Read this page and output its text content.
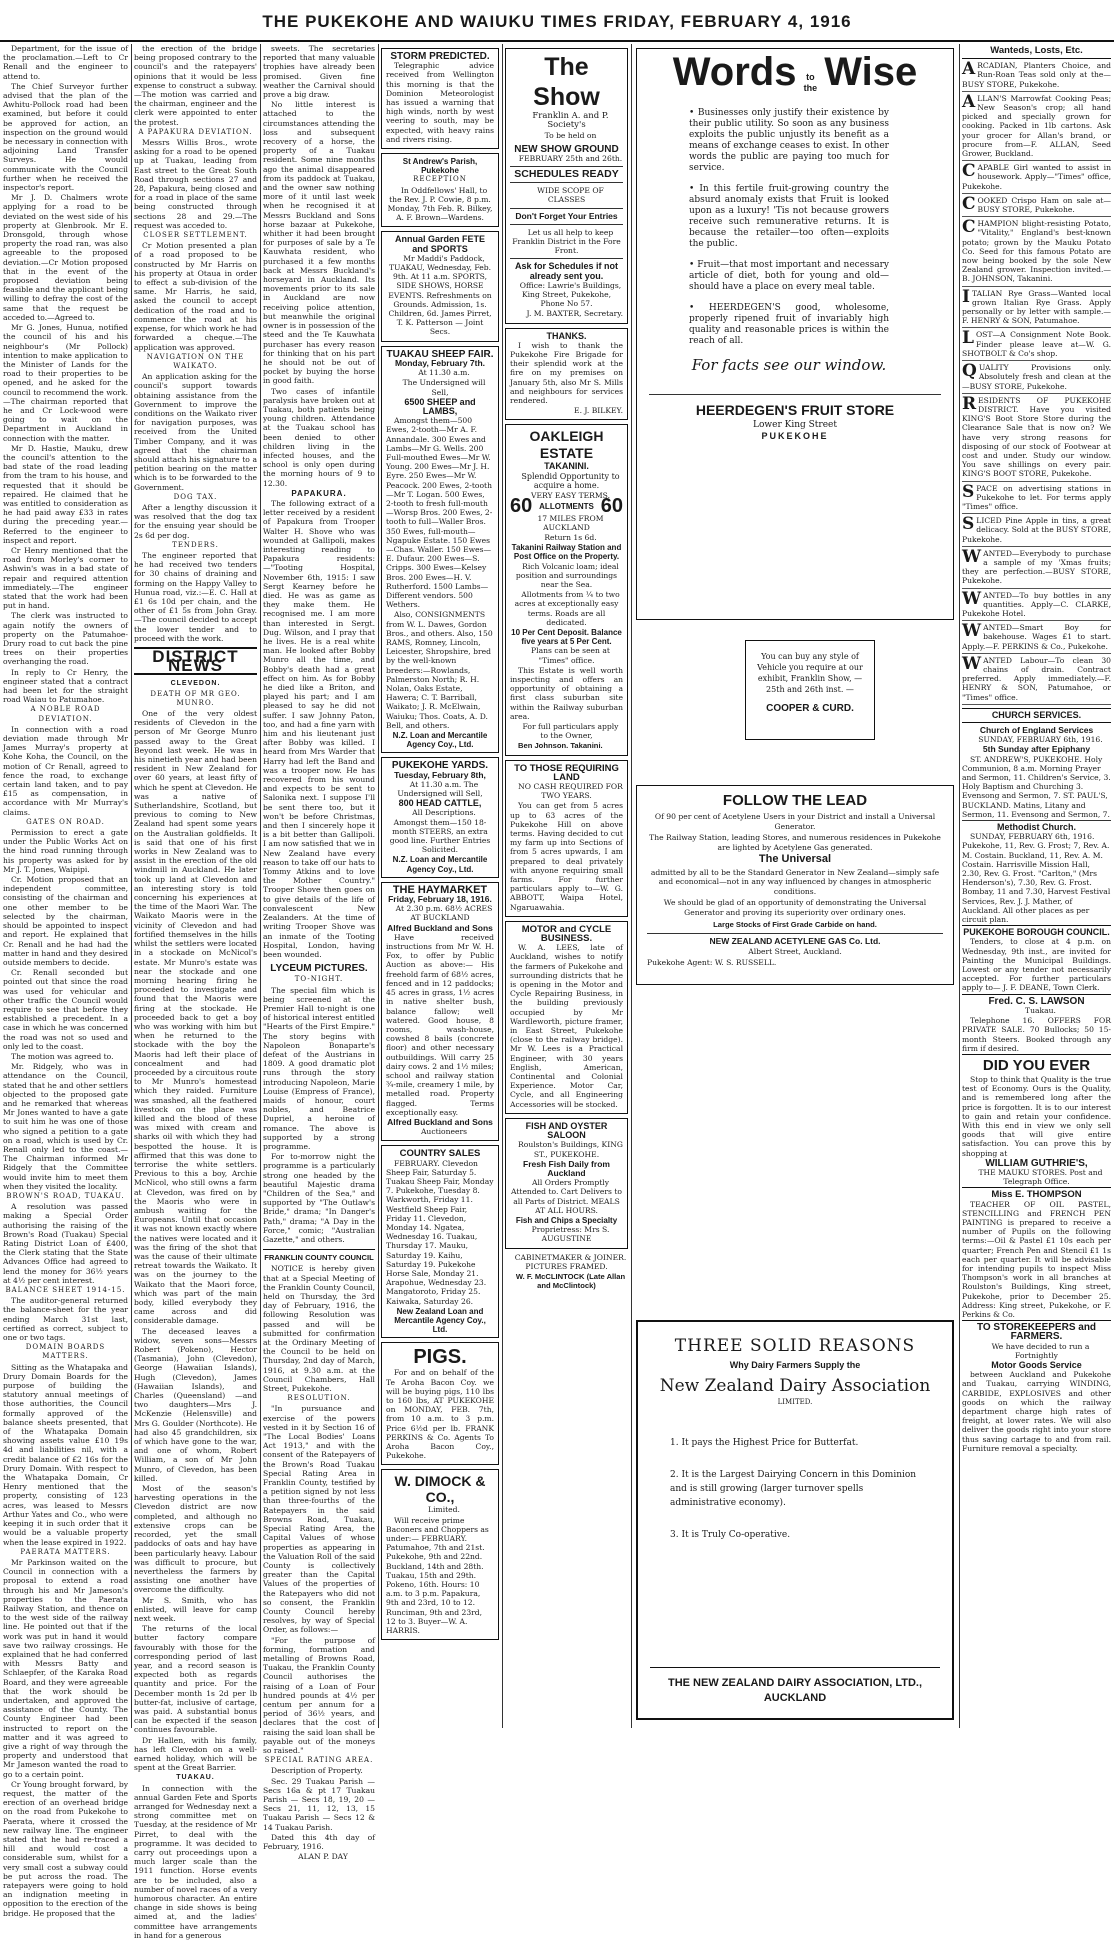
THE PUKEKOHE AND WAIUKU TIMES FRIDAY, FEBRUARY 4, 1916

Department, for the issue of the proclamation.—Left to Cr Renall and the engineer to attend to.

The Chief Surveyor further advised that the plan of the Awhitu-Pollock road had been examined, but before it could be approved for action, an inspection on the ground would be necessary in connection with adjoining Land Transfer Surveys. He would communicate with the Council further when he received the inspector's report.

Mr J. D. Chalmers wrote applying for a road to be deviated on the west side of his property at Glenbrook. Mr E. Dronsgold, through whose property the road ran, was also agreeable to the proposed deviation.—Cr Motion proposed that in the event of the proposed deviation being feasible and the applicant being willing to defray the cost of the same that the request be acceded to.—Agreed to.

Mr G. Jones, Hunua, notified the council of his and his neighbour's (Mr Pollock) intention to make application to the Minister of Lands for the road to their properties to be opened, and he asked for the council to recommend the work.—The chairman reported that he and Cr Lock-wood were going to wait on the Department in Auckland in connection with the matter.

Mr D. Hastie, Mauku, drew the council's attention to the bad state of the road leading from the tram to his house, and requested that it should be repaired. He claimed that he was entitled to consideration as he had paid away £33 in rates during the preceding year.—Referred to the engineer to inspect and report.

Cr Henry mentioned that the road from Morley's corner to Ashwin's was in a bad state of repair and required attention immediately.—The engineer stated that the work had been put in hand.

The clerk was instructed to again notify the owners of property on the Patumahoe-Drury road to cut back the pine trees on their properties overhanging the road.

In reply to Cr Henry, the engineer stated that a contract had been let for the straight road Waiau to Patumahoe.

A NOBLE ROAD DEVIATION.

In connection with a road deviation made through Mr James Murray's property at Kohe Koha, the Council, on the motion of Cr Renall, agreed to fence the road, to exchange certain land taken, and to pay £15 as compensation, in accordance with Mr Murray's claims.

GATES ON ROAD.

Permission to erect a gate under the Public Works Act on the hind road running through his property was asked for by Mr J. T. Jones, Waipipi.

Cr. Motion proposed that an independent committee, consisting of the chairman and one other member to be selected by the chairman, should be appointed to inspect and report. He explained that Cr. Renall and he had had the matter in hand and they desired outside members to decide.

Cr. Renall seconded but pointed out that since the road was used for vehicular and other traffic the Council would require to see that before they established a precedent. In a case in which he was concerned the road was not so used and only led to the coast.

The motion was agreed to.

Mr. Ridgely, who was in attendance on the Council, stated that he and other settlers objected to the proposed gate and he remarked that whereas Mr Jones wanted to have a gate to suit him he was one of those who signed a petition to a gate on a road, which is used by Cr. Renall only led to the coast.—The Chairman informed Mr Ridgely that the Committee would invite him to meet them when they visited the locality.

BROWN'S ROAD, TUAKAU.

A resolution was passed making a Special Order authorising the raising of the Brown's Road (Tuakau) Special Rating District Loan of £400, the Clerk stating that the State Advances Office had agreed to lend the money for 36½ years at 4½ per cent interest.

BALANCE SHEET 1914-15.

The auditor-general returned the balance-sheet for the year ending March 31st last, certified as correct, subject to one or two tags.

DOMAIN BOARDS MATTERS.

Sitting as the Whatapaka and Drury Domain Boards for the purpose of building the statutory annual meetings of those authorities, the Council formally approved of the balance sheets presented, that of the Whatapaka Domain showing assets value £10 19s 4d and liabilities nil, with a credit balance of £2 16s for the Drury Domain. With respect to the Whatapaka Domain, Cr Henry mentioned that the property, consisting of 123 acres, was leased to Messrs Arthur Yates and Co., who were keeping it in such order that it would be a valuable property when the lease expired in 1922.

PAERATA MATTERS.

Mr Parkinson waited on the Council in connection with a proposal to extend a road through his and Mr Jameson's properties to the Paerata Railway Station, and thence on to the west side of the railway line. He pointed out that if the work was put in hand it would save two railway crossings. He explained that he had conferred with Messrs Batty and Schlaepfer, of the Karaka Road Board, and they were agreeable that the work should be undertaken, and approved the assistance of the County. The County Engineer had been instructed to report on the matter and it was agreed to give a right of way through the property and understood that Mr Jameson wanted the road to go to a certain point.

Cr Young brought forward, by request, the matter of the erection of an overhead bridge on the road from Pukekohe to Paerata, where it crossed the new railway line. The engineer stated that he had re-traced a hill and would cost a considerable sum, whilst for a very small cost a subway could be put across the road. The ratepayers were going to hold an indignation meeting in opposition to the erection of the bridge. He proposed that the

the erection of the bridge being proposed contrary to the council's and the ratepayers' opinions that it would be less expense to construct a subway.—The motion was carried and the chairman, engineer and the clerk were appointed to enter the protest.

A PAPAKURA DEVIATION.

Messrs Willis Bros., wrote asking for a road to be opened up at Tuakau, leading from East street to the Great South Road through sections 27 and 28, Papakura, being closed and for a road in place of the same being constructed through sections 28 and 29.—The request was acceded to.

CLOSER SETTLEMENT.

Cr Motion presented a plan of a road proposed to be constructed by Mr Harris on his property at Otaua in order to effect a sub-division of the same. Mr Harris, he said, asked the council to accept dedication of the road and to commence the road at his expense, for which work he had forwarded a cheque.—The application was approved.

NAVIGATION ON THE WAIKATO.

An application asking for the council's support towards obtaining assistance from the Government to improve the conditions on the Waikato river for navigation purposes, was received from the United Timber Company, and it was agreed that the chairman should attach his signature to a petition bearing on the matter which is to be forwarded to the Government.

DOG TAX.

After a lengthy discussion it was resolved that the dog tax for the ensuing year should be 2s 6d per dog.

TENDERS.

The engineer reported that he had received two tenders for 30 chains of draining and forming on the Happy Valley to Hunua road, viz.:—E. C. Hall at £1 6s 10d per chain, and the other of £1 5s from John Gray.—The council decided to accept the lower tender and to proceed with the work.

DISTRICT NEWS

CLEVEDON.

DEATH OF MR GEO. MUNRO.

One of the very oldest residents of Clevedon in the person of Mr George Munro passed away to the Great Beyond last week. He was in his ninetieth year and had been resident in New Zealand for over 60 years, at least fifty of which he spent at Clevedon. He was a native of Sutherlandshire, Scotland, but previous to coming to New Zealand had spent some years on the Australian goldfields. It is said that one of his first works in New Zealand was to assist in the erection of the old windmill in Auckland. He later took up land at Clevedon and an interesting story is told concerning his experiences at the time of the Maori War. The Waikato Maoris were in the vicinity of Clevedon and had fortified themselves in the hills whilst the settlers were located in a stockade on McNicol's estate. Mr Munro's estate was near the stockade and one morning hearing firing he proceeded to investigate and found that the Maoris were firing at the stockade. He proceeded back to get a boy who was working with him but when he returned to the stockade with the boy the Maoris had left their place of concealment and had proceeded by a circuitous route to Mr Munro's homestead which they raided. Furniture was smashed, all the feathered livestock on the place was killed and the blood of these was mixed with cream and sharks oil with which they had bespotted the house. It is affirmed that this was done to terrorise the white settlers. Previous to this a boy, Archie McNicol, who still owns a farm at Clevedon, was fired on by the Maoris who were in ambush waiting for the Europeans. Until that occasion it was not known exactly where the natives were located and it was the firing of the shot that was the cause of their ultimate retreat towards the Waikato. It was on the journey to the Waikato that the Maori force, which was part of the main body, killed everybody they came across and did considerable damage.

The deceased leaves a widow, seven sons—Messrs Robert (Pokeno), Hector (Tasmania), John (Clevedon), George (Hawaiian Islands), Hugh (Clevedon), James (Hawaiian Islands), and Charles (Queensland) —and two daughters—Mrs J. McKenzie (Helensville) and Mrs G. Goulder (Northcote). He had also 45 grandchildren, six of which have gone to the war, and one of whom, Robert William, a son of Mr John Munro, of Clevedon, has been killed.

Most of the season's harvesting operations in the Clevedon district are now completed, and although no extensive crops can be recorded, yet the small paddocks of oats and hay have been particularly heavy. Labour was difficult to procure, but nevertheless the farmers by assisting one another have overcome the difficulty.

Mr S. Smith, who has enlisted, will leave for camp next week.

The returns of the local butter factory compare favourably with those for the corresponding period of last year, and a record season is expected both as regards quantity and price. For the December month 1s 2d per lb butter-fat, inclusive of cartage, was paid. A substantial bonus can be expected if the season continues favourable.

Dr Hallen, with his family, has left Clevedon on a well-earned holiday, which will be spent at the Great Barrier.

TUAKAU.

In connection with the annual Garden Fete and Sports arranged for Wednesday next a strong committee met on Tuesday, at the residence of Mr Pirret, to deal with the programme. It was decided to carry out proceedings upon a much larger scale than the 1911 function. Horse events are to be included, also a number of novel races of a very humorous character. An entire change in side shows is being aimed at, and the ladies' committee have arrangements in hand for a generous

sweets. The secretaries reported that many valuable trophies have already been promised. Given fine weather the Carnival should prove a big draw.

No little interest is attached to the circumstances attending the loss and subsequent recovery of a horse, the property of a Tuakau resident. Some nine months ago the animal disappeared from its paddock at Tuakau, and the owner saw nothing more of it until last week when he recognised it at Messrs Buckland and Sons horse bazaar at Pukekohe, whither it had been brought for purposes of sale by a Te Kauwhata resident, who purchased it a few months back at Messrs Buckland's horseyard in Auckland. Its movements prior to its sale in Auckland are now receiving police attention, but meanwhile the original owner is in possession of the steed and the Te Kauwhata purchaser has every reason for thinking that on his part he should not be out of pocket by buying the horse in good faith.

Two cases of infantile paralysis have broken out at Tuakau, both patients being young children. Attendance at the Tuakau school has been denied to other children living in the infected houses, and the school is only open during the morning hours of 9 to 12.30.

PAPAKURA.

The following extract of a letter received by a resident of Papakura from Trooper Walter H. Shove who was wounded at Gallipoli, makes interesting reading to Papakura residents:—"Tooting Hospital, November 6th, 1915: I saw Sergt Kearney before he died. He was as game as they make them. He recognised me. I am more than interested in Sergt. Dug. Wilson, and I pray that he lives. He is a real white man. He looked after Bobby Munro all the time, and Bobby's death had a great effect on him. As for Bobby he died like a Briton, and played his part; and I am pleased to say he did not suffer. I saw Johnny Paton, too, and had a fine yarn with him and his lieutenant just after Bobby was killed. I heard from Mrs Warder that Harry had left the Band and was a trooper now. He has recovered from his wound and expects to be sent to Salonika next. I suppose I'll be sent there too, but it won't be before Christmas, and then I sincerely hope it is a bit better than Gallipoli. I am now satisfied that we in New Zealand have every reason to take off our hats to Tommy Atkins and to love the Mother Country." Trooper Shove then goes on to give details of the life of convalescent New Zealanders. At the time of writing Trooper Shove was an inmate of the Tooting Hospital, London, having been wounded.

LYCEUM PICTURES.

TO-NIGHT.

The special film which is being screened at the Premier Hall to-night is one of historical interest entitled "Hearts of the First Empire." The story begins with Napoleon Bonaparte's defeat of the Austrians in 1809. A good dramatic plot runs through the story introducing Napoleon, Marie Louise (Empress of France), maids of honour, court nobles, and Beatrice Dupriel, a heroine of romance. The above is supported by a strong programme.

For to-morrow night the programme is a particularly strong one headed by the beautiful Majestic drama "Children of the Sea," and supported by "The Outlaw's Bride," drama; "In Danger's Path," drama; "A Day in the Force," comic; "Australian Gazette," and others.

FRANKLIN COUNTY COUNCIL

NOTICE is hereby given that at a Special Meeting of the Franklin County Council, held on Thursday, the 3rd day of February, 1916, the following Resolution was passed and will be submitted for confirmation at the Ordinary Meeting of the Council to be held on Thursday, 2nd day of March, 1916, at 9.30 a.m. at the Council Chambers, Hall Street, Pukekohe.

RESOLUTION.

"In pursuance and exercise of the powers vested in it by Section 16 of "The Local Bodies' Loans Act 1913," and with the consent of the Ratepayers of the Brown's Road Tuakau Special Rating Area in Franklin County, testified by a petition signed by not less than three-fourths of the Ratepayers in the said Browns Road, Tuakau, Special Rating Area, the Capital Values of whose properties as appearing in the Valuation Roll of the said County is collectively greater than the Capital Values of the properties of the Ratepayers who did not so consent, the Franklin County Council hereby resolves, by way of Special Order, as follows:—

"For the purpose of forming, formation and metalling of Browns Road, Tuakau, the Franklin County Council authorises the raising of a Loan of Four hundred pounds at 4½ per centum per annum for a period of 36½ years, and declares that the cost of raising the said loan shall be payable out of the moneys so raised."

SPECIAL RATING AREA.

Description of Property.

Sec. 29 Tuakau Parish — Secs 16a & pt 17 Tuakau Parish — Secs 18, 19, 20 — Secs 21, 11, 12, 13, 15 Tuakau Parish — Secs 12 & 14 Tuakau Parish.

Dated this 4th day of February, 1916.

ALAN P. DAY

STORM PREDICTED.

Telegraphic advice received from Wellington this morning is that the Dominion Meteorologist has issued a warning that high winds, north by west veering to south, may be expected, with heavy rains and rivers rising.

St Andrew's Parish, Pukekohe

RECEPTION

In Oddfellows' Hall, to the Rev. J. P. Cowie, 8 p.m. Monday, 7th Feb. R. Bilkey, A. F. Brown—Wardens.

Annual Garden FETE and SPORTS

Mr Maddi's Paddock, TUAKAU, Wednesday, Feb. 9th. At 11 a.m. SPORTS, SIDE SHOWS, HORSE EVENTS. Refreshments on Grounds. Admission, 1s. Children, 6d. James Pirret, T. K. Patterson — Joint Secs.

TUAKAU SHEEP FAIR.
Monday, February 7th.

At 11.30 a.m.

The Undersigned will Sell,

6500 SHEEP and LAMBS,

Amongst them—500 Ewes, 2-tooth—Mr A. F. Annandale. 300 Ewes and Lambs—Mr G. Wells. 200 Full-mouthed Ewes—Mr W. Young. 200 Ewes—Mr J. H. Eyre. 250 Ewes—Mr W. Peacock. 200 Ewes, 2-tooth—Mr T. Logan. 500 Ewes, 2-tooth to fresh full-mouth—Worsp Bros. 200 Ewes, 2-tooth to full—Waller Bros. 350 Ewes, full-mouth—Ngapuke Estate. 150 Ewes—Chas. Waller. 150 Ewes—E. Dufaur. 200 Ewes—S. Cripps. 300 Ewes—Kelsey Bros. 200 Ewes—H. V. Rutherford. 1500 Lambs—Different vendors. 500 Wethers.

Also, CONSIGNMENTS from W. L. Dawes, Gordon Bros., and others. Also, 150 RAMS, Romney, Lincoln, Leicester, Shropshire, bred by the well-known breeders:—Rowlands, Palmerston North; R. H. Nolan, Oaks Estate, Hawera; C. T. Barriball, Waikato; J. R. McElwain, Waiuku; Thos. Coats, A. D. Bell, and others.

N.Z. Loan and Mercantile Agency Coy., Ltd.
PUKEKOHE YARDS.
Tuesday, February 8th,

At 11.30 a.m. The Undersigned will Sell,

800 HEAD CATTLE,

All Descriptions. Amongst them—150 18-month STEERS, an extra good line. Further Entries Solicited.

N.Z. Loan and Mercantile Agency Coy., Ltd.
THE HAYMARKET
Friday, February 18, 1916.

At 2.30 p.m. 68½ ACRES AT BUCKLAND

Alfred Buckland and Sons

Have received instructions from Mr W. H. Fox, to offer by Public Auction as above:— His freehold farm of 68½ acres, fenced and in 12 paddocks; 45 acres in grass, 1½ acres in native shelter bush, balance fallow; well watered. Good house, 8 rooms, wash-house, cowshed 8 bails (concrete floor) and other necessary outbuildings. Will carry 25 dairy cows. 2 and 1½ miles; school and railway station ¾-mile, creamery 1 mile, by metalled road. Property flagged. Terms exceptionally easy.

Alfred Buckland and Sons

Auctioneers

COUNTRY SALES

FEBRUARY. Clevedon Sheep Fair, Saturday 5. Tuakau Sheep Fair, Monday 7. Pukekohe, Tuesday 8. Warkworth, Friday 11. Westfield Sheep Fair, Friday 11. Clevedon, Monday 14. Ngatea, Wednesday 16. Tuakau, Thursday 17. Mauku, Saturday 19. Kaihu, Saturday 19. Pukekohe Horse Sale, Monday 21. Arapohue, Wednesday 23. Mangatoroto, Friday 25. Kaiwaka, Saturday 26.

New Zealand Loan and Mercantile Agency Coy., Ltd.
PIGS.

For and on behalf of the Te Aroha Bacon Coy. we will be buying pigs, 110 lbs to 160 lbs, AT PUKEKOHE on MONDAY, FEB. 7th, from 10 a.m. to 3 p.m. Price 6½d per lb. FRANK PERKINS & Co. Agents To Aroha Bacon Coy., Pukekohe.

W. DIMOCK & CO.,

Limited.

Will receive prime Baconers and Choppers as under:— FEBRUARY. Patumahoe, 7th and 21st. Pukekohe, 9th and 22nd. Buckland, 14th and 28th. Tuakau, 15th and 29th. Pokeno, 16th. Hours: 10 a.m. to 3 p.m. Papakura, 9th and 23rd, 10 to 12. Runciman, 9th and 23rd, 12 to 3. Buyer—W. A. HARRIS.

The Show

Franklin A. and P. Society's

To be held on

NEW SHOW GROUND

FEBRUARY 25th and 26th.

SCHEDULES READY

WIDE SCOPE OF CLASSES

Don't Forget Your Entries

Let us all help to keep Franklin District in the Fore Front.

Ask for Schedules if not already sent you.

Office: Lawrie's Buildings, King Street, Pukekohe, Phone No 57.

J. M. BAXTER, Secretary.

THANKS.

I wish to thank the Pukekohe Fire Brigade for their splendid work at the fire on my premises on January 5th, also Mr S. Mills and neighbours for services rendered.

E. J. BILKEY.

OAKLEIGH ESTATE
TAKANINI.

Splendid Opportunity to acquire a home.

VERY EASY TERMS.

60 ALLOTMENTS 60

17 MILES FROM AUCKLAND

Return 1s 6d.

Takanini Railway Station and Post Office on the Property.

Rich Volcanic loam; ideal position and surroundings near the Sea.

Allotments from ¼ to two acres at exceptionally easy terms. Roads are all dedicated.

10 Per Cent Deposit. Balance five years at 5 Per Cent.

Plans can be seen at "Times" office.

This Estate is well worth inspecting and offers an opportunity of obtaining a first class suburban site within the Railway suburban area.

For full particulars apply to the Owner,

Ben Johnson. Takanini.

TO THOSE REQUIRING LAND

NO CASH REQUIRED FOR TWO YEARS.

You can get from 5 acres up to 63 acres of the Pukekohe Hill on above terms. Having decided to cut my farm up into Sections of from 5 acres upwards, I am prepared to deal privately with anyone requiring small farms. For further particulars apply to—W. G. ABBOTT, Waipa Hotel, Ngaruawahia.

MOTOR and CYCLE BUSINESS.

W. A. LEES, late of Auckland, wishes to notify the farmers of Pukekohe and surrounding districts that he is opening in the Motor and Cycle Repairing Business, in the building previously occupied by Mr Wardleworth, picture framer, in East Street, Pukekohe (close to the railway bridge). Mr W. Lees is a Practical Engineer, with 30 years English, American, Continental and Colonial Experience. Motor Car, Cycle, and all Engineering Accessories will be stocked.

FISH AND OYSTER SALOON

Roulston's Buildings, KING ST., PUKEKOHE.

Fresh Fish Daily from Auckland

All Orders Promptly Attended to. Cart Delivers to all Parts of District. MEALS AT ALL HOURS.

Fish and Chips a Specialty

Proprietress: Mrs S. AUGUSTINE

CABINETMAKER & JOINER. PICTURES FRAMED.

W. F. McCLINTOCK (Late Allan and McClintock)

Words to the Wise

• Businesses only justify their existence by their public utility. So soon as any business exploits the public unjustly its benefit as a means of exchange ceases to exist. In other words the public are paying too much for service.

• In this fertile fruit-growing country the absurd anomaly exists that Fruit is looked upon as a luxury! 'Tis not because growers receive such remunerative returns. It is because the retailer—too often—exploits the public.

• Fruit—that most important and necessary article of diet, both for young and old—should have a place on every meal table.

• HEERDEGEN'S good, wholesome, properly ripened fruit of invariably high quality and reasonable prices is within the reach of all.

For facts see our window.

HEERDEGEN'S FRUIT STORE
Lower King Street
PUKEKOHE

You can buy any style of Vehicle you require at our exhibit, Franklin Show, — 25th and 26th inst. —

COOPER & CURD.
FOLLOW THE LEAD

Of 90 per cent of Acetylene Users in your District and install a Universal Generator.

The Railway Station, leading Stores, and numerous residences in Pukekohe are lighted by Acetylene Gas generated.

The Universal

admitted by all to be the Standard Generator in New Zealand—simply safe and economical—not in any way influenced by changes in atmospheric conditions.

We should be glad of an opportunity of demonstrating the Universal Generator and proving its superiority over ordinary ones.

Large Stocks of First Grade Carbide on hand.

NEW ZEALAND ACETYLENE GAS Co. Ltd.

Albert Street, Auckland.

Pukekohe Agent: W. S. RUSSELL.

THREE SOLID REASONS
Why Dairy Farmers Supply the
New Zealand Dairy Association
LIMITED.

1. It pays the Highest Price for Butterfat.

2. It is the Largest Dairying Concern in this Dominion and is still growing (larger turnover spells administrative economy).

3. It is Truly Co-operative.

THE NEW ZEALAND DAIRY ASSOCIATION, LTD., AUCKLAND
Wanteds, Losts, Etc.
ARCADIAN, Planters Choice, and Run-Roan Teas sold only at the—BUSY STORE, Pukekohe.
ALLAN'S Marrowfat Cooking Peas; New Season's crop; all hand picked and specially grown for cooking. Packed in 1lb cartons. Ask your grocer for Allan's brand, or procure from—F. ALLAN, Seed Grower, Buckland.
CAPABLE Girl wanted to assist in housework. Apply—"Times" office, Pukekohe.
COOKED Crispo Ham on sale at—BUSY STORE, Pukekohe.
CHAMPION blight-resisting Potato, "Vitality," England's best-known potato; grown by the Mauku Potato Co. Seed for this famous Potato are now being booked by the sole New Zealand grower. Inspection invited.—B. JOHNSON, Takanini.
ITALIAN Rye Grass—Wanted local grown Italian Rye Grass. Apply personally or by letter with sample.—F. HENRY & SON, Patumahoe.
LOST—A Consignment Note Book. Finder please leave at—W. G. SHOTBOLT & Co's shop.
QUALITY Provisions only. Absolutely fresh and clean at the—BUSY STORE, Pukekohe.
RESIDENTS OF PUKEKOHE DISTRICT. Have you visited KING'S Boot Store Store during the Clearance Sale that is now on? We have very strong reasons for disposing of our stock of Footwear at cost and under. Study our window. You save shillings on every pair. KING'S BOOT STORE, Pukekohe.
SPACE on advertising stations in Pukekohe to let. For terms apply "Times" office.
SLICED Pine Apple in tins, a great delicacy. Sold at the BUSY STORE, Pukekohe.
WANTED—Everybody to purchase a sample of my 'Xmas fruits; they are perfection.—BUSY STORE, Pukekohe.
WANTED—To buy bottles in any quantities. Apply—C. CLARKE, Pukekohe Hotel.
WANTED—Smart Boy for bakehouse. Wages £1 to start. Apply.—F. PERKINS & Co., Pukekohe.
WANTED Labour—To clean 30 chains of drain. Contract preferred. Apply immediately.—F. HENRY & SON, Patumahoe, or "Times" office.
CHURCH SERVICES.
Church of England Services

SUNDAY, FEBRUARY 6th, 1916.

5th Sunday after Epiphany

ST. ANDREW'S, PUKEKOHE. Holy Communion, 8 a.m. Morning Prayer and Sermon, 11. Children's Service, 3. Holy Baptism and Churching 3. Evensong and Sermon, 7. ST. PAUL'S, BUCKLAND. Matins, Litany and Sermon, 11. Evensong and Sermon, 7.

Methodist Church.

SUNDAY, FEBRUARY 6th, 1916. Pukekohe, 11, Rev. G. Frost; 7, Rev. A. M. Costain. Buckland, 11, Rev. A. M. Costain. Harrisville Mission Hall, 2.30, Rev. G. Frost. "Carlton," (Mrs Henderson's), 7.30, Rev. G. Frost. Bombay, 11 and 7.30, Harvest Festival Services, Rev. J. J. Mather, of Auckland. All other places as per circuit plan.

PUKEKOHE BOROUGH COUNCIL.

Tenders, to close at 4 p.m. on Wednesday, 9th inst., are invited for Painting the Municipal Buildings. Lowest or any tender not necessarily accepted. For further particulars apply to— J. F. DEANE, Town Clerk.

Fred. C. S. LAWSON

Tuakau.

Telephone 16. OFFERS FOR PRIVATE SALE. 70 Bullocks; 50 15-month Steers. Booked through any firm if desired.

DID YOU EVER

Stop to think that Quality is the true test of Economy. Ours is the Quality, and is remembered long after the price is forgotten. It is to our interest to gain and retain your confidence. With this end in view we only sell goods that will give entire satisfaction. You can prove this by shopping at

WILLIAM GUTHRIE'S,

THE MAUKU STORES. Post and Telegraph Office.

Miss E. THOMPSON

TEACHER OF OIL PASTEL, STENCILLING and FRENCH PEN PAINTING is prepared to receive a number of Pupils on the following terms:—Oil & Pastel £1 10s each per quarter; French Pen and Stencil £1 1s each per quarter. It will be advisable for intending pupils to inspect Miss Thompson's work in all branches at Roulston's Buildings, King street, Pukekohe, prior to December 25. Address: King street, Pukekohe, or F. Perkins & Co.

TO STOREKEEPERS and FARMERS.

We have decided to run a Fortnightly

Motor Goods Service

between Auckland and Pukekohe and Tuakau, carrying WINDING, CARBIDE, EXPLOSIVES and other goods on which the railway department charge high rates of freight, at lower rates. We will also deliver the goods right into your store thus saving cartage to and from rail. Furniture removal a specialty.
